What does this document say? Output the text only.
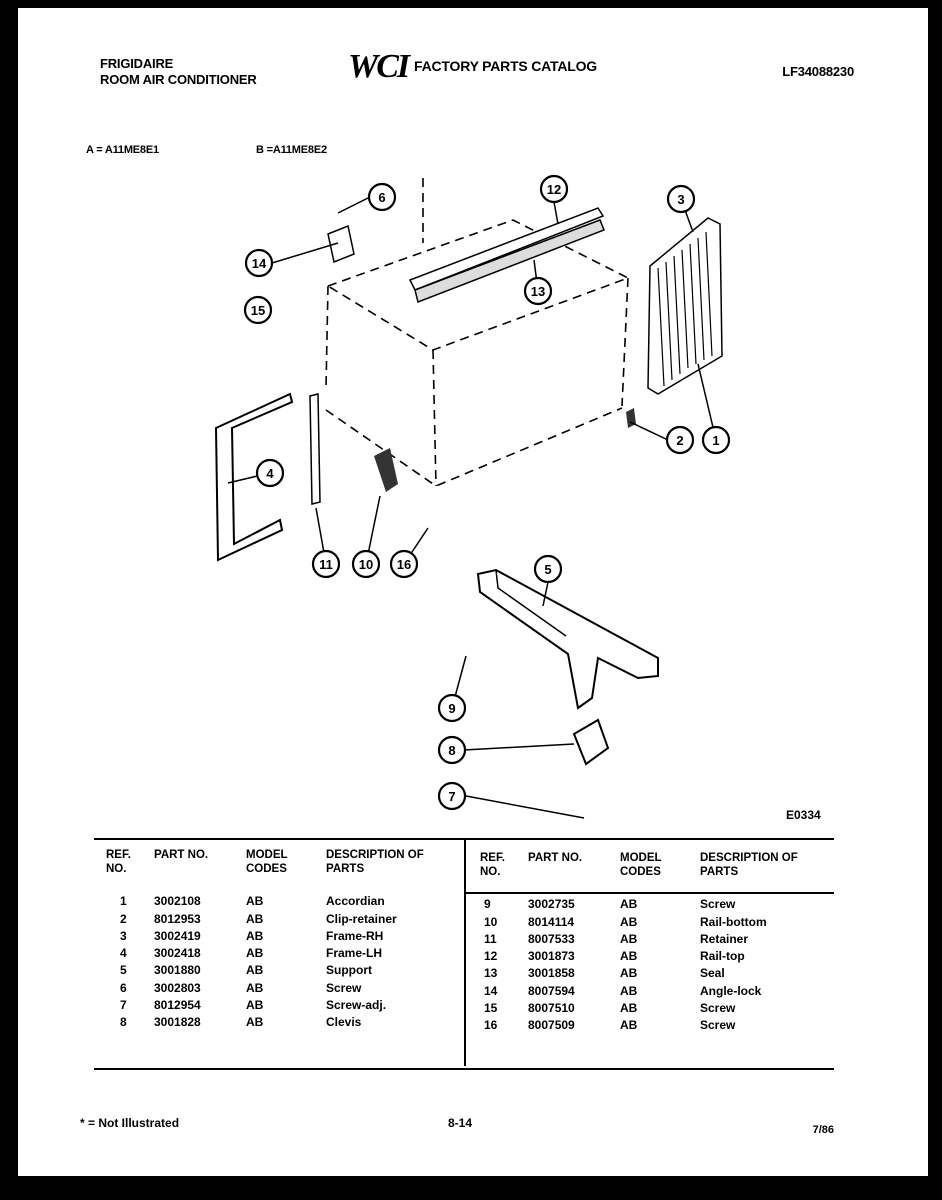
FRIGIDAIRE
ROOM AIR CONDITIONER	WCI FACTORY PARTS CATALOG	LF34088230
A = A11ME8E1	B =A11ME8E2
1
2
3
4
5
6
7
8
9
10
11
12
13
14
15
16
E0334
REF. NO.	PART NO.	MODEL CODES	DESCRIPTION OF PARTS

1	3002108	AB	Accordian
2	8012953	AB	Clip-retainer
3	3002419	AB	Frame-RH
4	3002418	AB	Frame-LH
5	3001880	AB	Support
6	3002803	AB	Screw
7	8012954	AB	Screw-adj.
8	3001828	AB	Clevis
REF. NO.	PART NO.	MODEL CODES	DESCRIPTION OF PARTS

9	3002735	AB	Screw
10	8014114	AB	Rail-bottom
11	8007533	AB	Retainer
12	3001873	AB	Rail-top
13	3001858	AB	Seal
14	8007594	AB	Angle-lock
15	8007510	AB	Screw
16	8007509	AB	Screw
* = Not Illustrated	8-14	7/86
